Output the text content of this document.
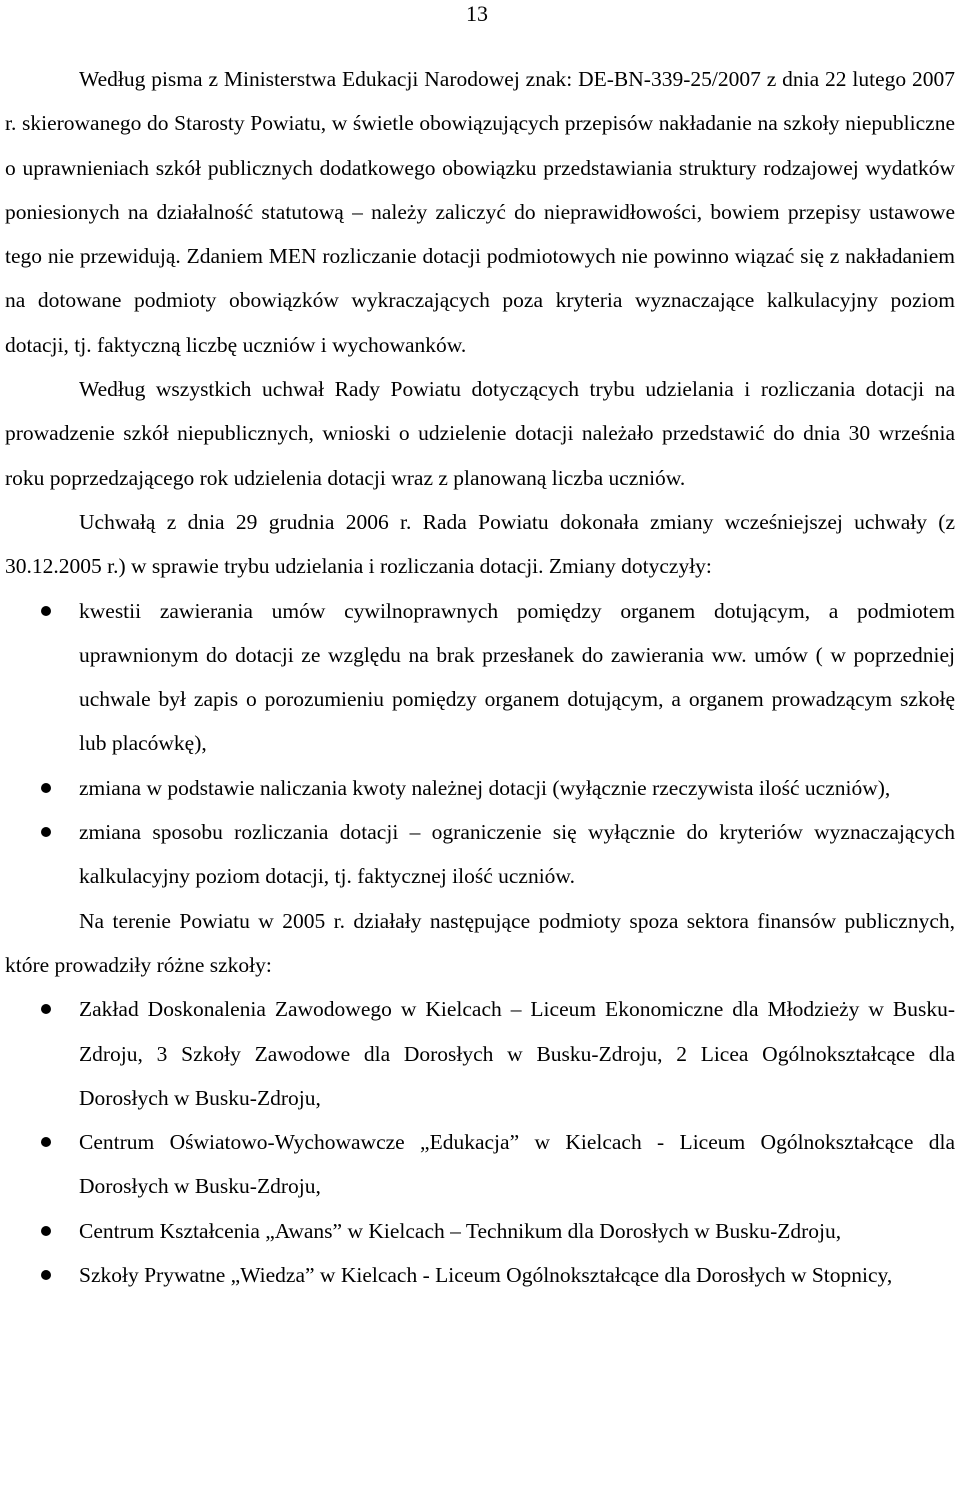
13

Według pisma z Ministerstwa Edukacji Narodowej znak: DE-BN-339-25/2007 z dnia 22 lutego 2007 r. skierowanego do Starosty Powiatu, w świetle obowiązujących przepisów nakładanie na szkoły niepubliczne o uprawnieniach szkół publicznych dodatkowego obowiązku przedstawiania struktury rodzajowej wydatków poniesionych na działalność statutową – należy zaliczyć do nieprawidłowości, bowiem przepisy ustawowe tego nie przewidują. Zdaniem MEN rozliczanie dotacji podmiotowych nie powinno wiązać się z nakładaniem na dotowane podmioty obowiązków wykraczających poza kryteria wyznaczające kalkulacyjny poziom dotacji, tj. faktyczną liczbę uczniów i wychowanków.

Według wszystkich uchwał Rady Powiatu dotyczących trybu udzielania i rozliczania dotacji na prowadzenie szkół niepublicznych, wnioski o udzielenie dotacji należało przedstawić do dnia 30 września roku poprzedzającego rok udzielenia dotacji wraz z planowaną liczba uczniów.

Uchwałą z dnia 29 grudnia 2006 r. Rada Powiatu dokonała zmiany wcześniejszej uchwały (z 30.12.2005 r.) w sprawie trybu udzielania i rozliczania dotacji. Zmiany dotyczyły:

kwestii zawierania umów cywilnoprawnych pomiędzy organem dotującym, a podmiotem uprawnionym do dotacji ze względu na brak przesłanek do zawierania ww. umów ( w poprzedniej uchwale był zapis o porozumieniu pomiędzy organem dotującym, a organem prowadzącym szkołę lub placówkę),
zmiana w podstawie naliczania kwoty należnej dotacji (wyłącznie rzeczywista ilość uczniów),
zmiana sposobu rozliczania dotacji – ograniczenie się wyłącznie do kryteriów wyznaczających kalkulacyjny poziom dotacji, tj. faktycznej ilość uczniów.

Na terenie Powiatu w 2005 r. działały następujące podmioty spoza sektora finansów publicznych, które prowadziły różne szkoły:

Zakład Doskonalenia Zawodowego w Kielcach – Liceum Ekonomiczne dla Młodzieży w Busku-Zdroju, 3 Szkoły Zawodowe dla Dorosłych w Busku-Zdroju, 2 Licea Ogólnokształcące dla Dorosłych w Busku-Zdroju,
Centrum Oświatowo-Wychowawcze „Edukacja” w Kielcach - Liceum Ogólnokształcące dla Dorosłych w Busku-Zdroju,
Centrum Kształcenia „Awans” w Kielcach – Technikum dla Dorosłych w Busku-Zdroju,
Szkoły Prywatne „Wiedza” w Kielcach - Liceum Ogólnokształcące dla Dorosłych w Stopnicy,
